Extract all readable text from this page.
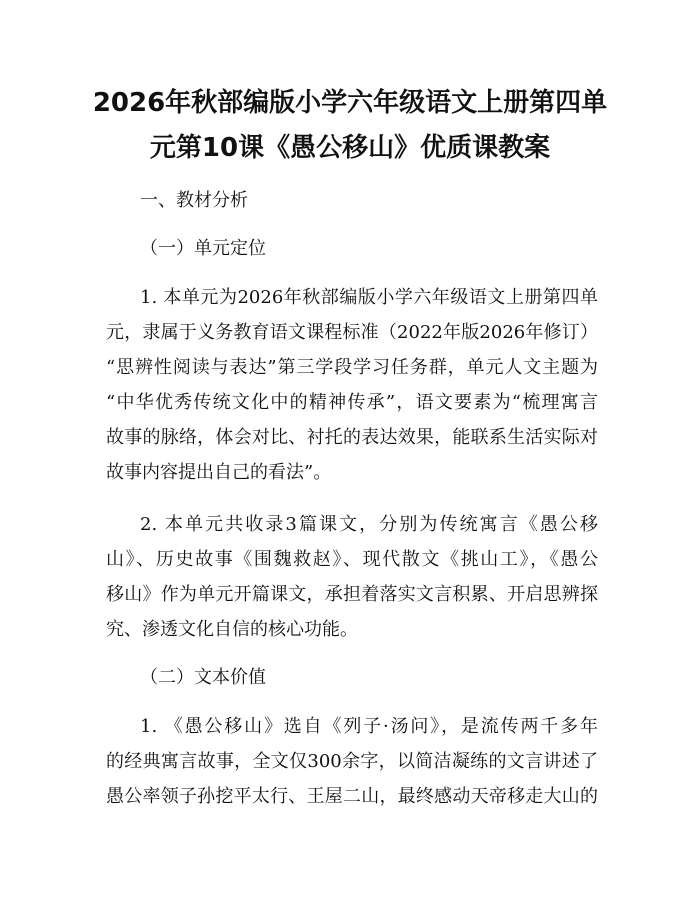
2026年秋部编版小学六年级语文上册第四单
元第10课《愚公移山》优质课教案
一、教材分析
（一）单元定位
1. 本单元为2026年秋部编版小学六年级语文上册第四单
元，隶属于义务教育语文课程标准（2022年版2026年修订）
“思辨性阅读与表达”第三学段学习任务群，单元人文主题为
“中华优秀传统文化中的精神传承”，语文要素为“梳理寓言
故事的脉络，体会对比、衬托的表达效果，能联系生活实际对
故事内容提出自己的看法”。
2. 本单元共收录3篇课文，分别为传统寓言《愚公移
山》、历史故事《围魏救赵》、现代散文《挑山工》，《愚公
移山》作为单元开篇课文，承担着落实文言积累、开启思辨探
究、渗透文化自信的核心功能。
（二）文本价值
1. 《愚公移山》选自《列子·汤问》，是流传两千多年
的经典寓言故事，全文仅300余字，以简洁凝练的文言讲述了
愚公率领子孙挖平太行、王屋二山，最终感动天帝移走大山的
